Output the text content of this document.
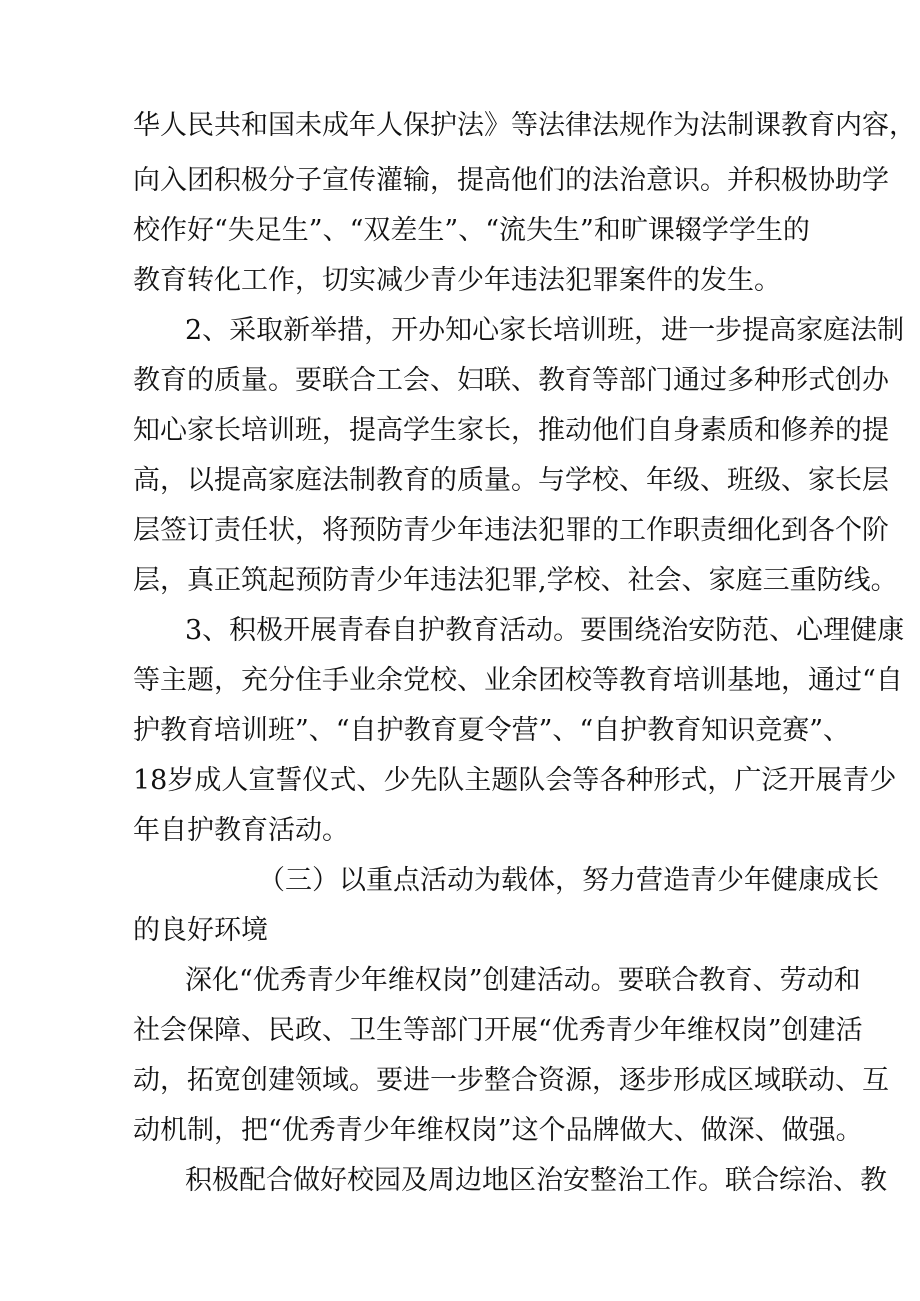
华人民共和国未成年人保护法》等法律法规作为法制课教育内容，
向入团积极分子宣传灌输，提高他们的法治意识。并积极协助学
校作好“失足生”、“双差生”、“流失生”和旷课辍学学生的
教育转化工作，切实减少青少年违法犯罪案件的发生。
2、采取新举措，开办知心家长培训班，进一步提高家庭法制
教育的质量。要联合工会、妇联、教育等部门通过多种形式创办
知心家长培训班，提高学生家长，推动他们自身素质和修养的提
高，以提高家庭法制教育的质量。与学校、年级、班级、家长层
层签订责任状，将预防青少年违法犯罪的工作职责细化到各个阶
层，真正筑起预防青少年违法犯罪,学校、社会、家庭三重防线。
3、积极开展青春自护教育活动。要围绕治安防范、心理健康
等主题，充分住手业余党校、业余团校等教育培训基地，通过“自
护教育培训班”、“自护教育夏令营”、“自护教育知识竞赛”、
18岁成人宣誓仪式、少先队主题队会等各种形式，广泛开展青少
年自护教育活动。
（三）以重点活动为载体，努力营造青少年健康成长
的良好环境
深化“优秀青少年维权岗”创建活动。要联合教育、劳动和
社会保障、民政、卫生等部门开展“优秀青少年维权岗”创建活
动，拓宽创建领域。要进一步整合资源，逐步形成区域联动、互
动机制，把“优秀青少年维权岗”这个品牌做大、做深、做强。
积极配合做好校园及周边地区治安整治工作。联合综治、教
